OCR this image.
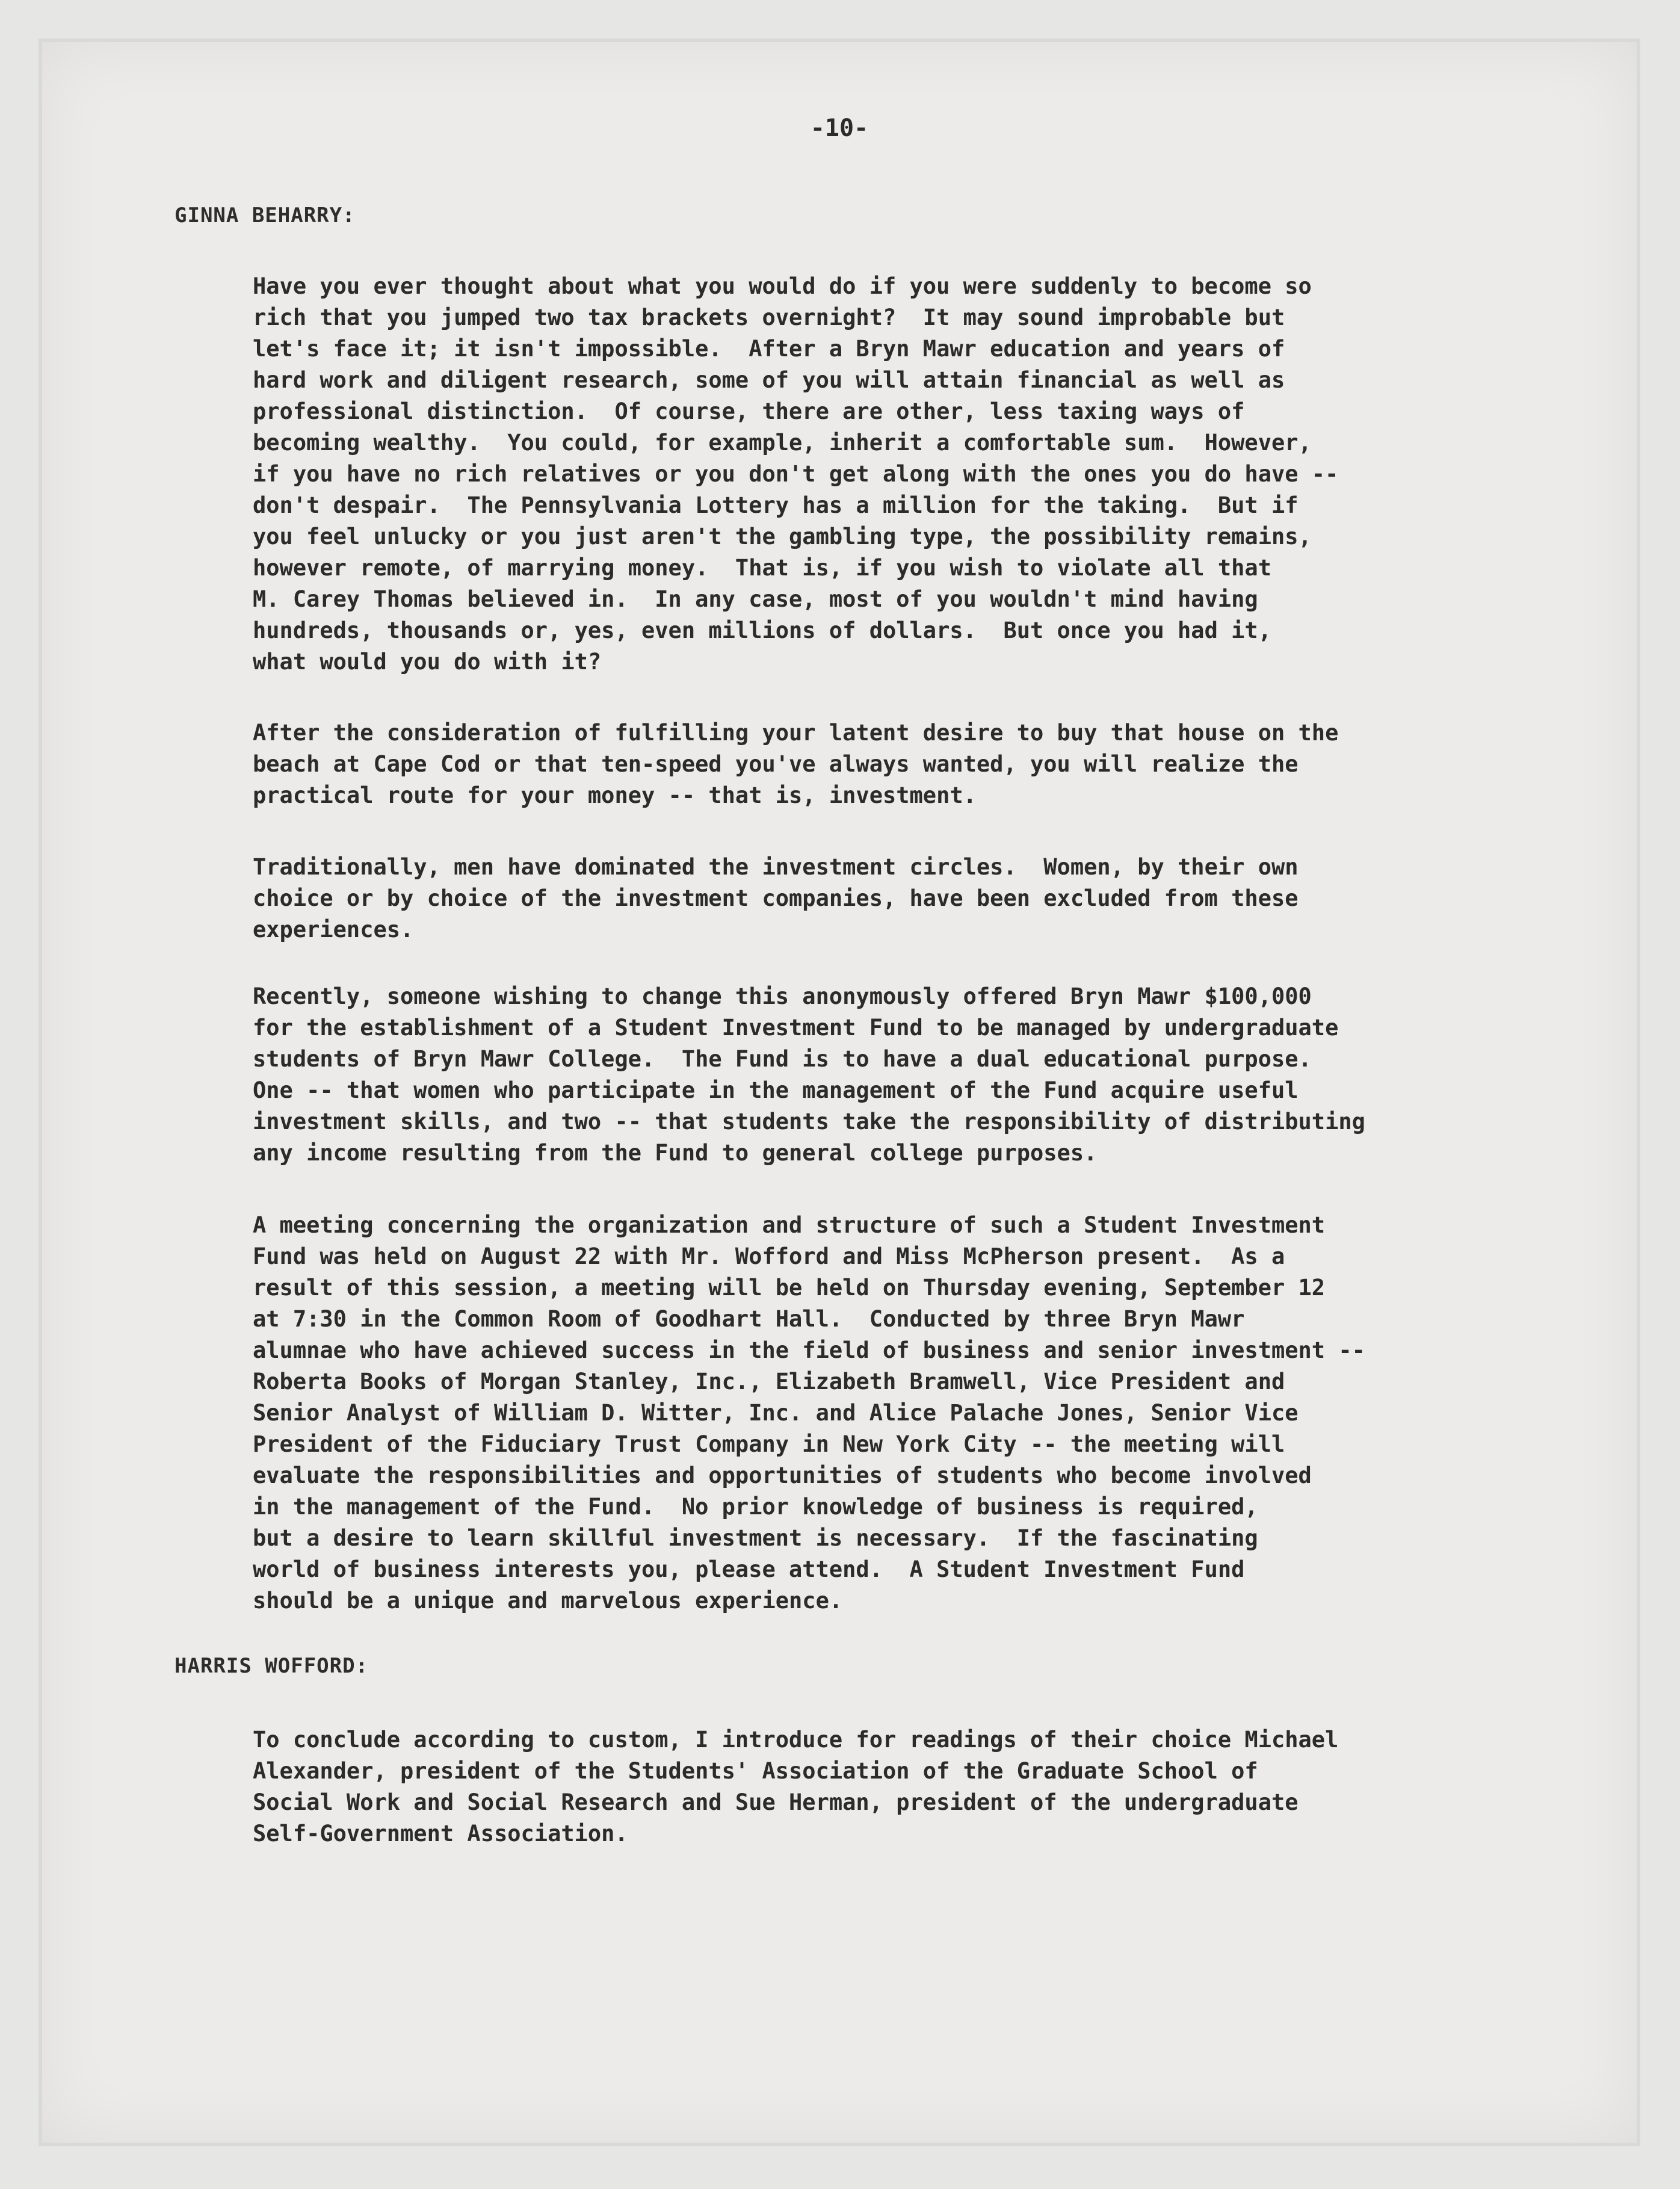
-10-
GINNA BEHARRY:
Have you ever thought about what you would do if you were suddenly to become so
rich that you jumped two tax brackets overnight?  It may sound improbable but
let's face it; it isn't impossible.  After a Bryn Mawr education and years of
hard work and diligent research, some of you will attain financial as well as
professional distinction.  Of course, there are other, less taxing ways of
becoming wealthy.  You could, for example, inherit a comfortable sum.  However,
if you have no rich relatives or you don't get along with the ones you do have --
don't despair.  The Pennsylvania Lottery has a million for the taking.  But if
you feel unlucky or you just aren't the gambling type, the possibility remains,
however remote, of marrying money.  That is, if you wish to violate all that
M. Carey Thomas believed in.  In any case, most of you wouldn't mind having
hundreds, thousands or, yes, even millions of dollars.  But once you had it,
what would you do with it?
After the consideration of fulfilling your latent desire to buy that house on the
beach at Cape Cod or that ten-speed you've always wanted, you will realize the
practical route for your money -- that is, investment.
Traditionally, men have dominated the investment circles.  Women, by their own
choice or by choice of the investment companies, have been excluded from these
experiences.
Recently, someone wishing to change this anonymously offered Bryn Mawr $100,000
for the establishment of a Student Investment Fund to be managed by undergraduate
students of Bryn Mawr College.  The Fund is to have a dual educational purpose.
One -- that women who participate in the management of the Fund acquire useful
investment skills, and two -- that students take the responsibility of distributing
any income resulting from the Fund to general college purposes.
A meeting concerning the organization and structure of such a Student Investment
Fund was held on August 22 with Mr. Wofford and Miss McPherson present.  As a
result of this session, a meeting will be held on Thursday evening, September 12
at 7:30 in the Common Room of Goodhart Hall.  Conducted by three Bryn Mawr
alumnae who have achieved success in the field of business and senior investment --
Roberta Books of Morgan Stanley, Inc., Elizabeth Bramwell, Vice President and
Senior Analyst of William D. Witter, Inc. and Alice Palache Jones, Senior Vice
President of the Fiduciary Trust Company in New York City -- the meeting will
evaluate the responsibilities and opportunities of students who become involved
in the management of the Fund.  No prior knowledge of business is required,
but a desire to learn skillful investment is necessary.  If the fascinating
world of business interests you, please attend.  A Student Investment Fund
should be a unique and marvelous experience.
HARRIS WOFFORD:
To conclude according to custom, I introduce for readings of their choice Michael
Alexander, president of the Students' Association of the Graduate School of
Social Work and Social Research and Sue Herman, president of the undergraduate
Self-Government Association.
